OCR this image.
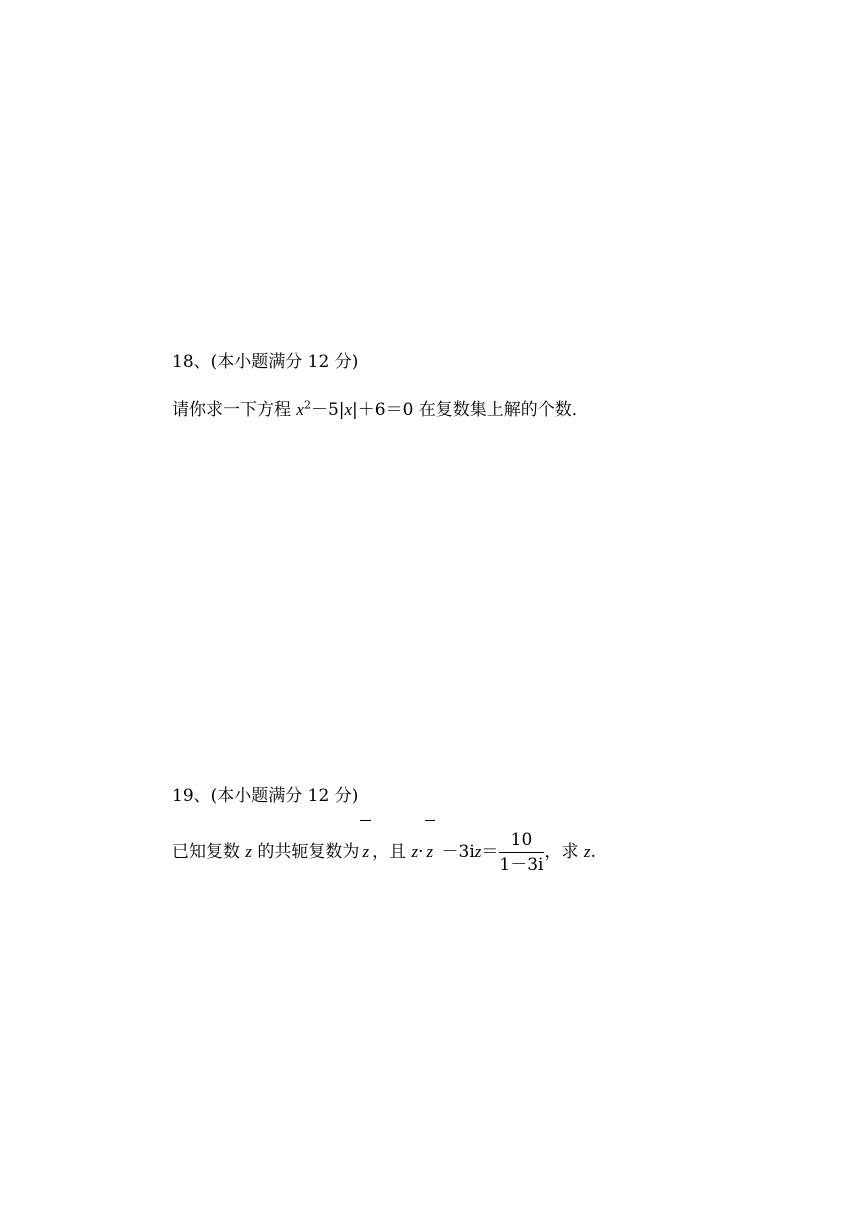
18、(本小题满分 12 分)
请你求一下方程 $x^2-5|x|+6=0$ 在复数集上解的个数．
19、(本小题满分 12 分)
已知复数 z 的共轭复数为 z ，且 $z\cdot z -3iz= \frac{10}{1-3i}$ ，求 z.
